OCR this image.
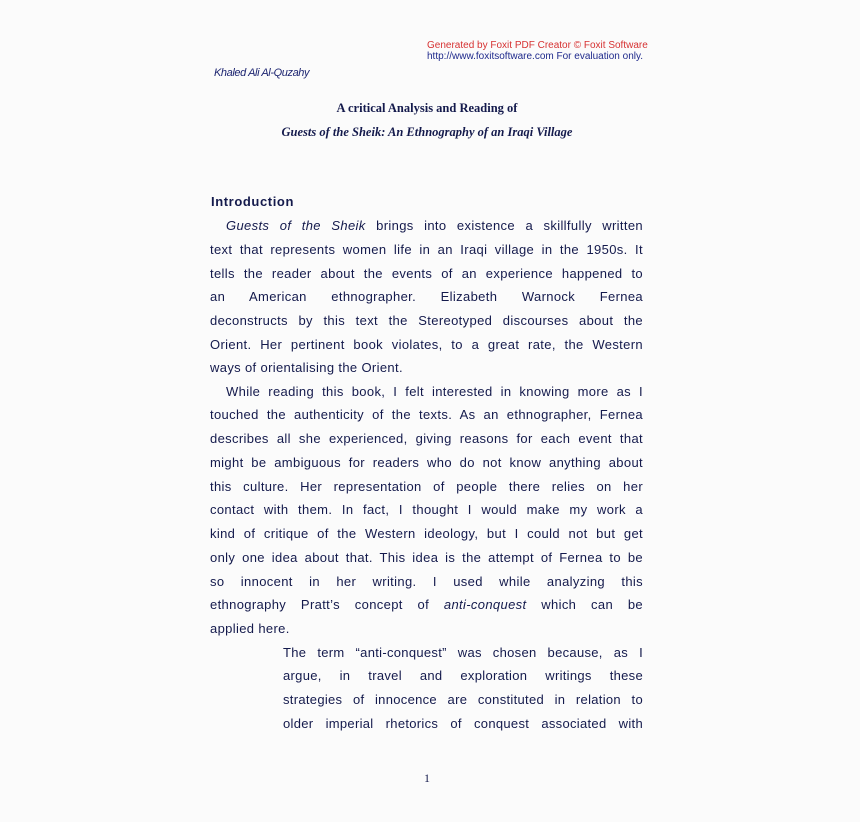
Generated by Foxit PDF Creator © Foxit Software
http://www.foxitsoftware.com For evaluation only.
Khaled Ali Al-Quzahy
A critical Analysis and Reading of
Guests of the Sheik: An Ethnography of an Iraqi Village
Introduction
Guests of the Sheik brings into existence a skillfully written
text that represents women life in an Iraqi village in the 1950s. It
tells the reader about the events of an experience happened to
an American ethnographer. Elizabeth Warnock Fernea
deconstructs by this text the Stereotyped discourses about the
Orient. Her pertinent book violates, to a great rate, the Western
ways of orientalising the Orient.
While reading this book, I felt interested in knowing more as I
touched the authenticity of the texts. As an ethnographer, Fernea
describes all she experienced, giving reasons for each event that
might be ambiguous for readers who do not know anything about
this culture. Her representation of people there relies on her
contact with them. In fact, I thought I would make my work a
kind of critique of the Western ideology, but I could not but get
only one idea about that. This idea is the attempt of Fernea to be
so innocent in her writing. I used while analyzing this
ethnography Pratt’s concept of anti-conquest which can be
applied here.
The term “anti-conquest” was chosen because, as I
argue, in travel and exploration writings these
strategies of innocence are constituted in relation to
older imperial rhetorics of conquest associated with
1
